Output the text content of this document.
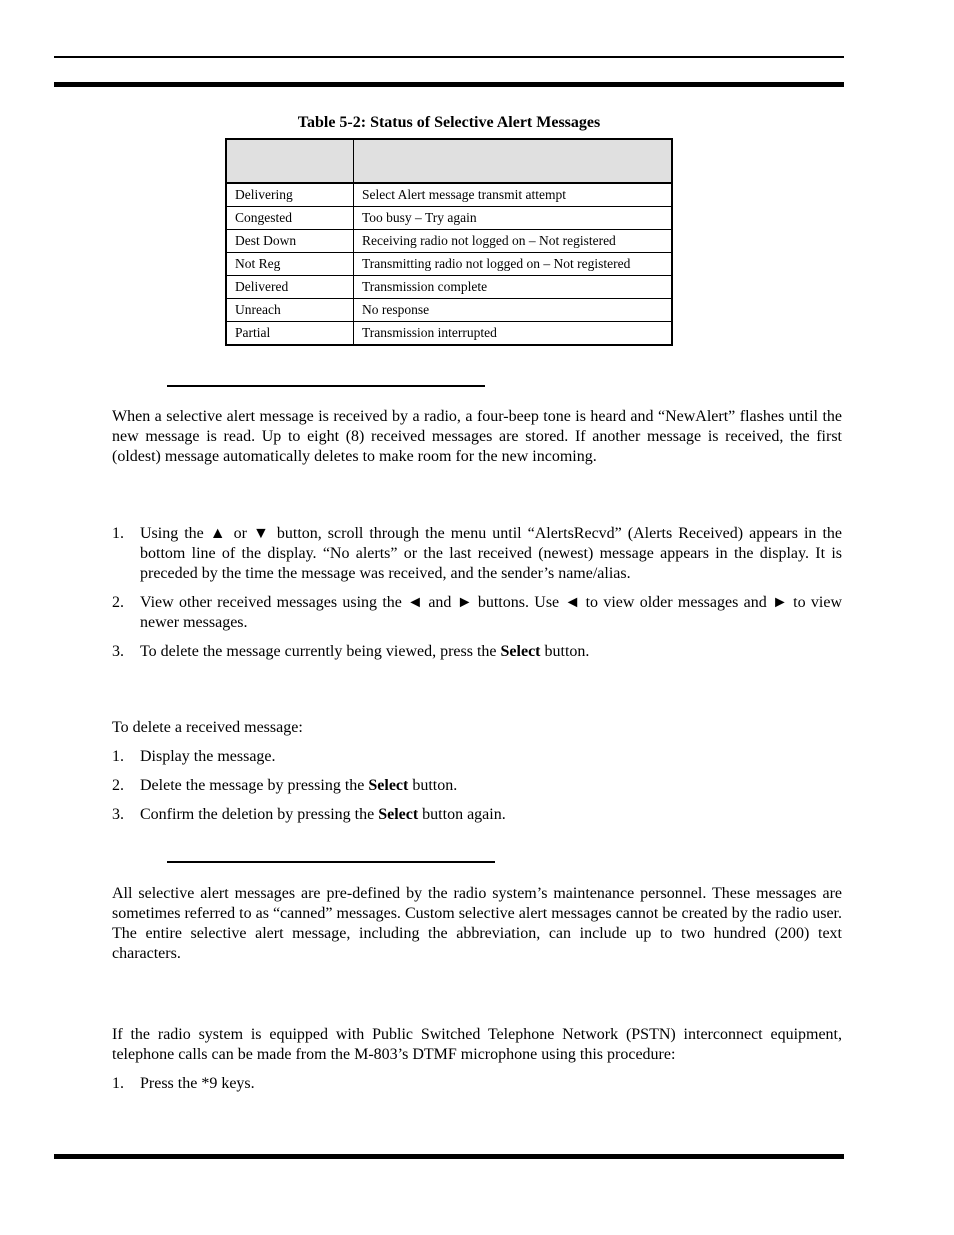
Table 5-2: Status of Selective Alert Messages

Delivering	Select Alert message transmit attempt
Congested	Too busy – Try again
Dest Down	Receiving radio not logged on – Not registered
Not Reg	Transmitting radio not logged on – Not registered
Delivered	Transmission complete
Unreach	No response
Partial	Transmission interrupted
When a selective alert message is received by a radio, a four-beep tone is heard and “NewAlert” flashes until the new message is read. Up to eight (8) received messages are stored. If another message is received, the first (oldest) message automatically deletes to make room for the new incoming.
1. Using the ▲ or ▼ button, scroll through the menu until “AlertsRecvd” (Alerts Received) appears in the bottom line of the display. “No alerts” or the last received (newest) message appears in the display. It is preceded by the time the message was received, and the sender’s name/alias.
2. View other received messages using the ◄ and ► buttons. Use ◄ to view older messages and ► to view newer messages.
3. To delete the message currently being viewed, press the Select button.
To delete a received message:
1. Display the message.
2. Delete the message by pressing the Select button.
3. Confirm the deletion by pressing the Select button again.
All selective alert messages are pre-defined by the radio system’s maintenance personnel. These messages are sometimes referred to as “canned” messages. Custom selective alert messages cannot be created by the radio user. The entire selective alert message, including the abbreviation, can include up to two hundred (200) text characters.
If the radio system is equipped with Public Switched Telephone Network (PSTN) interconnect equipment, telephone calls can be made from the M-803’s DTMF microphone using this procedure:
1. Press the *9 keys.
